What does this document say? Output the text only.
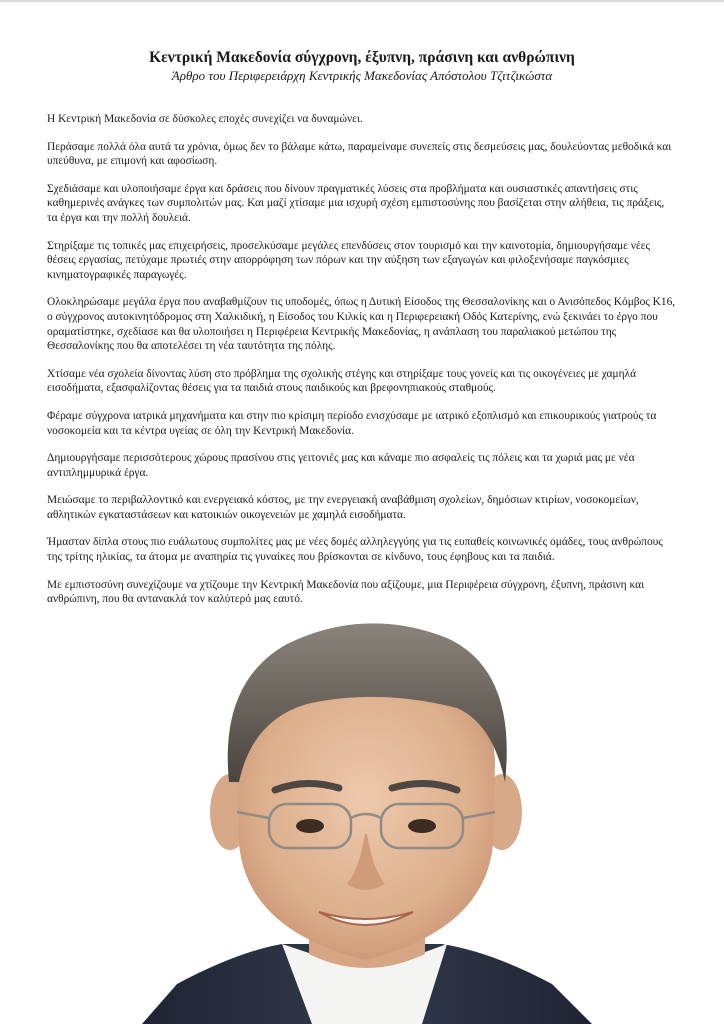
Κεντρική Μακεδονία σύγχρονη, έξυπνη, πράσινη και ανθρώπινη

Άρθρο του Περιφερειάρχη Κεντρικής Μακεδονίας Απόστολου Τζιτζικώστα

Η Κεντρική Μακεδονία σε δύσκολες εποχές συνεχίζει να δυναμώνει.

Περάσαμε πολλά όλα αυτά τα χρόνια, όμως δεν το βάλαμε κάτω, παραμείναμε συνεπείς στις δεσμεύσεις μας, δουλεύοντας μεθοδικά και υπεύθυνα, με επιμονή και αφοσίωση.

Σχεδιάσαμε και υλοποιήσαμε έργα και δράσεις που δίνουν πραγματικές λύσεις στα προβλήματα και ουσιαστικές απαντήσεις στις καθημερινές ανάγκες των συμπολιτών μας. Και μαζί χτίσαμε μια ισχυρή σχέση εμπιστοσύνης που βασίζεται στην αλήθεια, τις πράξεις, τα έργα και την πολλή δουλειά.

Στηρίξαμε τις τοπικές μας επιχειρήσεις, προσελκύσαμε μεγάλες επενδύσεις στον τουρισμό και την καινοτομία, δημιουργήσαμε νέες θέσεις εργασίας, πετύχαμε πρωτιές στην απορρόφηση των πόρων και την αύξηση των εξαγωγών και φιλοξενήσαμε παγκόσμιες κινηματογραφικές παραγωγές.

Ολοκληρώσαμε μεγάλα έργα που αναβαθμίζουν τις υποδομές, όπως η Δυτική Είσοδος της Θεσσαλονίκης και ο Ανισόπεδος Κόμβος Κ16, ο σύγχρονος αυτοκινητόδρομος στη Χαλκιδική, η Είσοδος του Κιλκίς και η Περιφερειακή Οδός Κατερίνης, ενώ ξεκινάει το έργο που οραματίστηκε, σχεδίασε και θα υλοποιήσει η Περιφέρεια Κεντρικής Μακεδονίας, η ανάπλαση του παραλιακού μετώπου της Θεσσαλονίκης που θα αποτελέσει τη νέα ταυτότητα της πόλης.

Χτίσαμε νέα σχολεία δίνοντας λύση στο πρόβλημα της σχολικής στέγης και στηρίξαμε τους γονείς και τις οικογένειες με χαμηλά εισοδήματα, εξασφαλίζοντας θέσεις για τα παιδιά στους παιδικούς και βρεφονηπιακούς σταθμούς.

Φέραμε σύγχρονα ιατρικά μηχανήματα και στην πιο κρίσιμη περίοδο ενισχύσαμε με ιατρικό εξοπλισμό και επικουρικούς γιατρούς τα νοσοκομεία και τα κέντρα υγείας σε όλη την Κεντρική Μακεδονία.

Δημιουργήσαμε περισσότερους χώρους πρασίνου στις γειτονιές μας και κάναμε πιο ασφαλείς τις πόλεις και τα χωριά μας με νέα αντιπλημμυρικά έργα.

Μειώσαμε το περιβαλλοντικό και ενεργειακό κόστος, με την ενεργειακή αναβάθμιση σχολείων, δημόσιων κτιρίων, νοσοκομείων, αθλητικών εγκαταστάσεων και κατοικιών οικογενειών με χαμηλά εισοδήματα.

Ήμασταν δίπλα στους πιο ευάλωτους συμπολίτες μας με νέες δομές αλληλεγγύης για τις ευπαθείς κοινωνικές ομάδες, τους ανθρώπους της τρίτης ηλικίας, τα άτομα με αναπηρία τις γυναίκες που βρίσκονται σε κίνδυνο, τους έφηβους και τα παιδιά.

Με εμπιστοσύνη συνεχίζουμε να χτίζουμε την Κεντρική Μακεδονία που αξίζουμε, μια Περιφέρεια σύγχρονη, έξυπνη, πράσινη και ανθρώπινη, που θα αντανακλά τον καλύτερό μας εαυτό.
